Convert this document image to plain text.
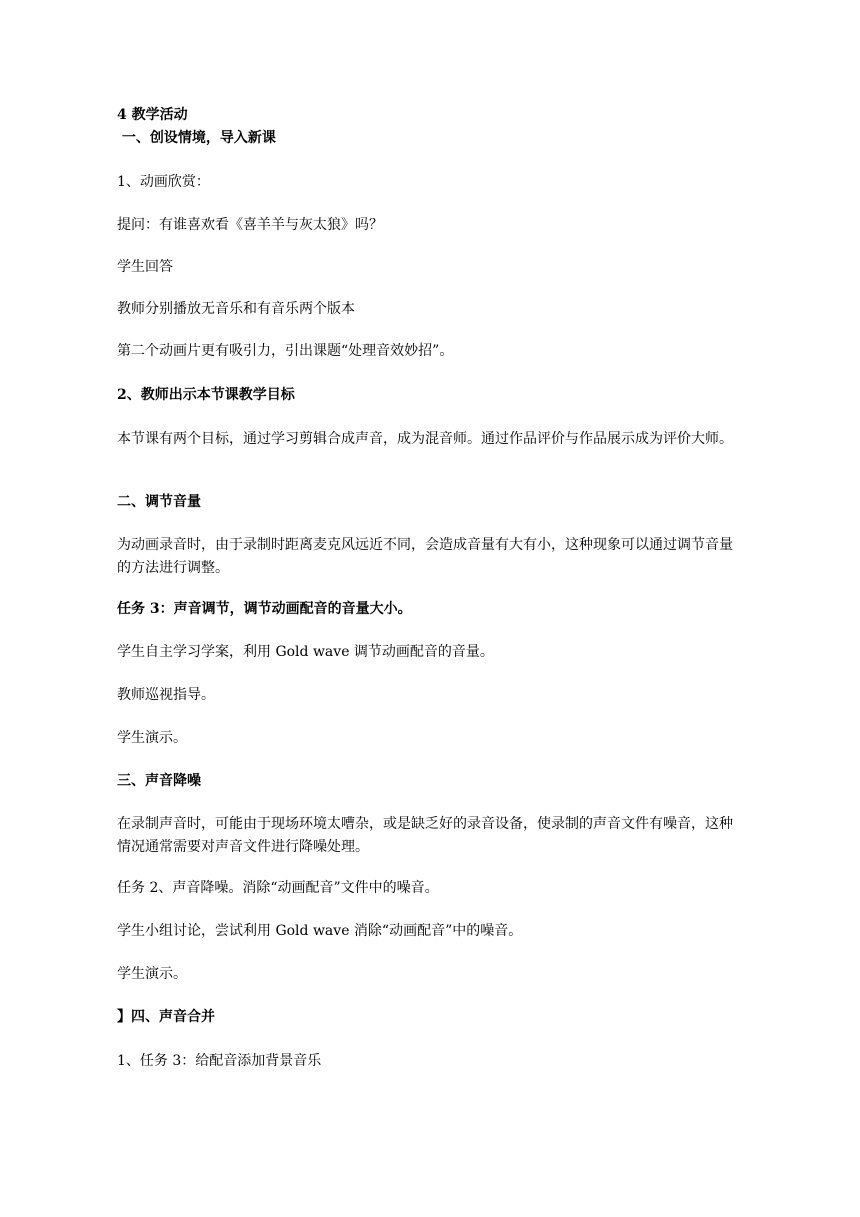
4 教学活动
一、创设情境，导入新课
1、动画欣赏：
提问：有谁喜欢看《喜羊羊与灰太狼》吗？
学生回答
教师分别播放无音乐和有音乐两个版本
第二个动画片更有吸引力，引出课题“处理音效妙招”。
2、教师出示本节课教学目标
本节课有两个目标，通过学习剪辑合成声音，成为混音师。通过作品评价与作品展示成为评价大师。
二、调节音量
为动画录音时，由于录制时距离麦克风远近不同，会造成音量有大有小，这种现象可以通过调节音量的方法进行调整。
任务 3：声音调节，调节动画配音的音量大小。
学生自主学习学案，利用 Gold wave 调节动画配音的音量。
教师巡视指导。
学生演示。
三、声音降噪
在录制声音时，可能由于现场环境太嘈杂，或是缺乏好的录音设备，使录制的声音文件有噪音，这种情况通常需要对声音文件进行降噪处理。
任务 2、声音降噪。消除“动画配音”文件中的噪音。
学生小组讨论，尝试利用 Gold wave 消除“动画配音”中的噪音。
学生演示。
】四、声音合并
1、任务 3：给配音添加背景音乐
